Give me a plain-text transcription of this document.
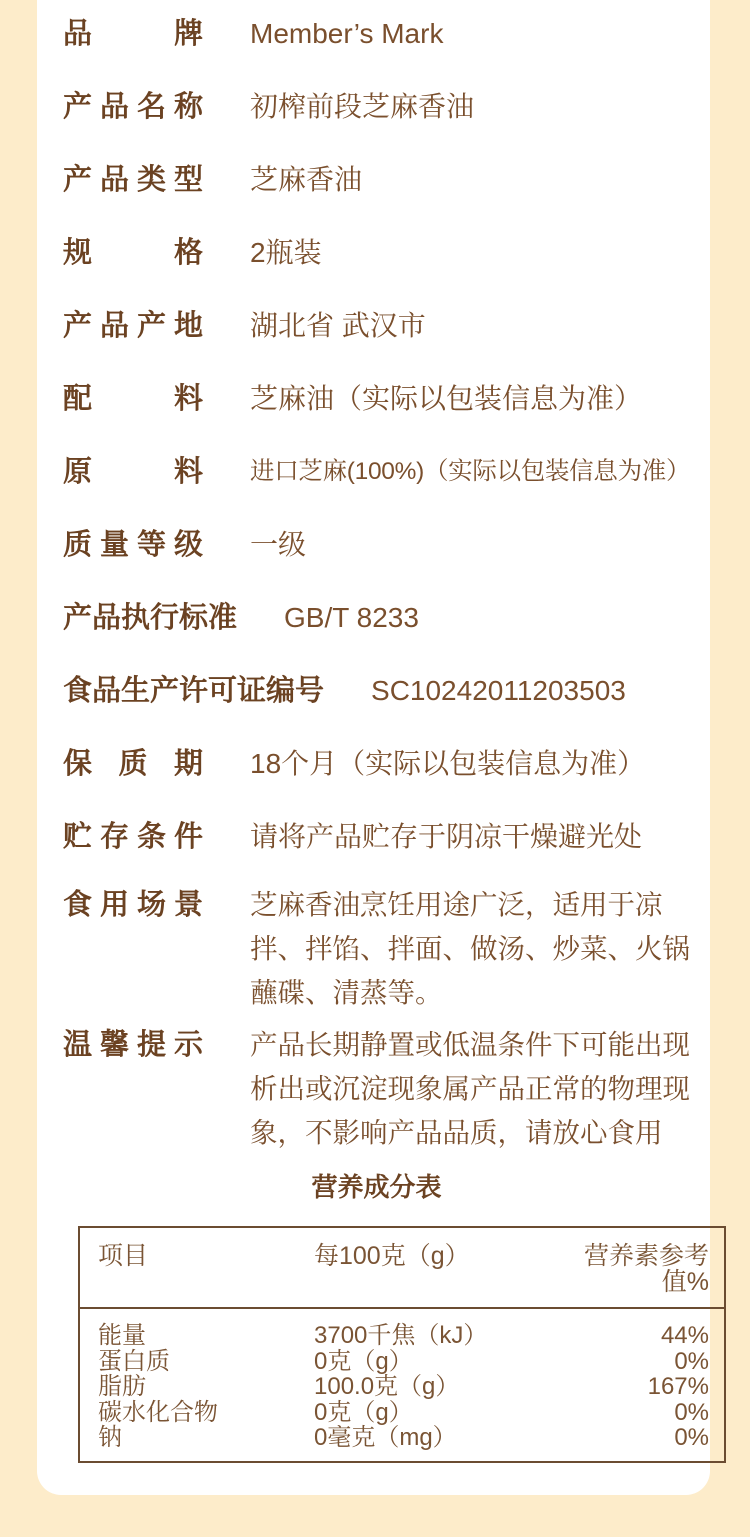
品牌 Member’s Mark
产品名称 初榨前段芝麻香油
产品类型 芝麻香油
规格 2瓶装
产品产地 湖北省 武汉市
配料 芝麻油（实际以包装信息为准）
原料 进口芝麻(100%)（实际以包装信息为准）
质量等级 一级
产品执行标准 GB/T 8233
食品生产许可证编号 SC10242011203503
保质期 18个月（实际以包装信息为准）
贮存条件 请将产品贮存于阴凉干燥避光处
食用场景 芝麻香油烹饪用途广泛，适用于凉拌、拌馅、拌面、做汤、炒菜、火锅蘸碟、清蒸等。
温馨提示 产品长期静置或低温条件下可能出现析出或沉淀现象属产品正常的物理现象，不影响产品品质，请放心食用
营养成分表
项目	每100克（g）	营养素参考值%
能量	3700千焦（kJ）	44%
蛋白质	0克（g）	0%
脂肪	100.0克（g）	167%
碳水化合物	0克（g）	0%
钠	0毫克（mg）	0%
